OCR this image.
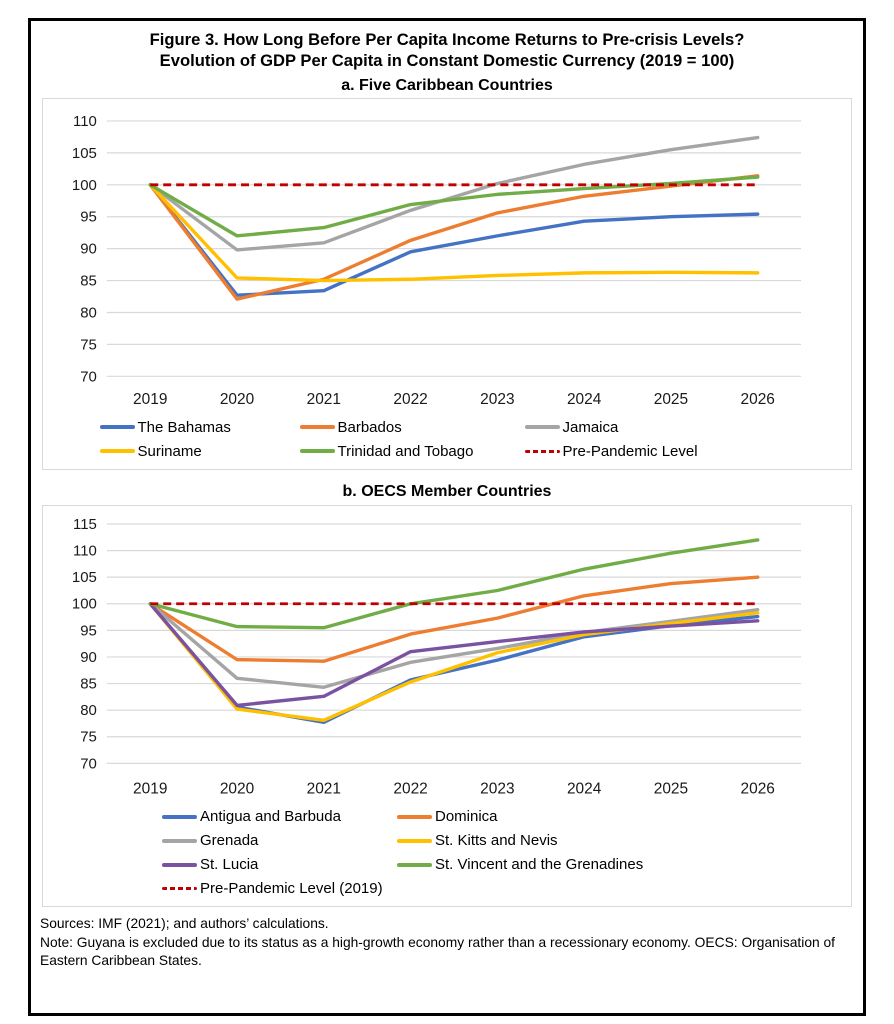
Figure 3. How Long Before Per Capita Income Returns to Pre-crisis Levels?
Evolution of GDP Per Capita in Constant Domestic Currency (2019 = 100)
a. Five Caribbean Countries
70
75
80
85
90
95
100
105
110
2019	2020	2021	2022	2023	2024	2025	2026
The Bahamas	Barbados	Jamaica
Suriname	Trinidad and Tobago	Pre-Pandemic Level
b. OECS Member Countries
70
75
80
85
90
95
100
105
110
115
2019	2020	2021	2022	2023	2024	2025	2026
Antigua and Barbuda	Dominica
Grenada	St. Kitts and Nevis
St. Lucia	St. Vincent and the Grenadines
Pre-Pandemic Level (2019)
Sources: IMF (2021); and authors’ calculations.
Note: Guyana is excluded due to its status as a high-growth economy rather than a recessionary economy. OECS: Organisation of Eastern Caribbean States.
